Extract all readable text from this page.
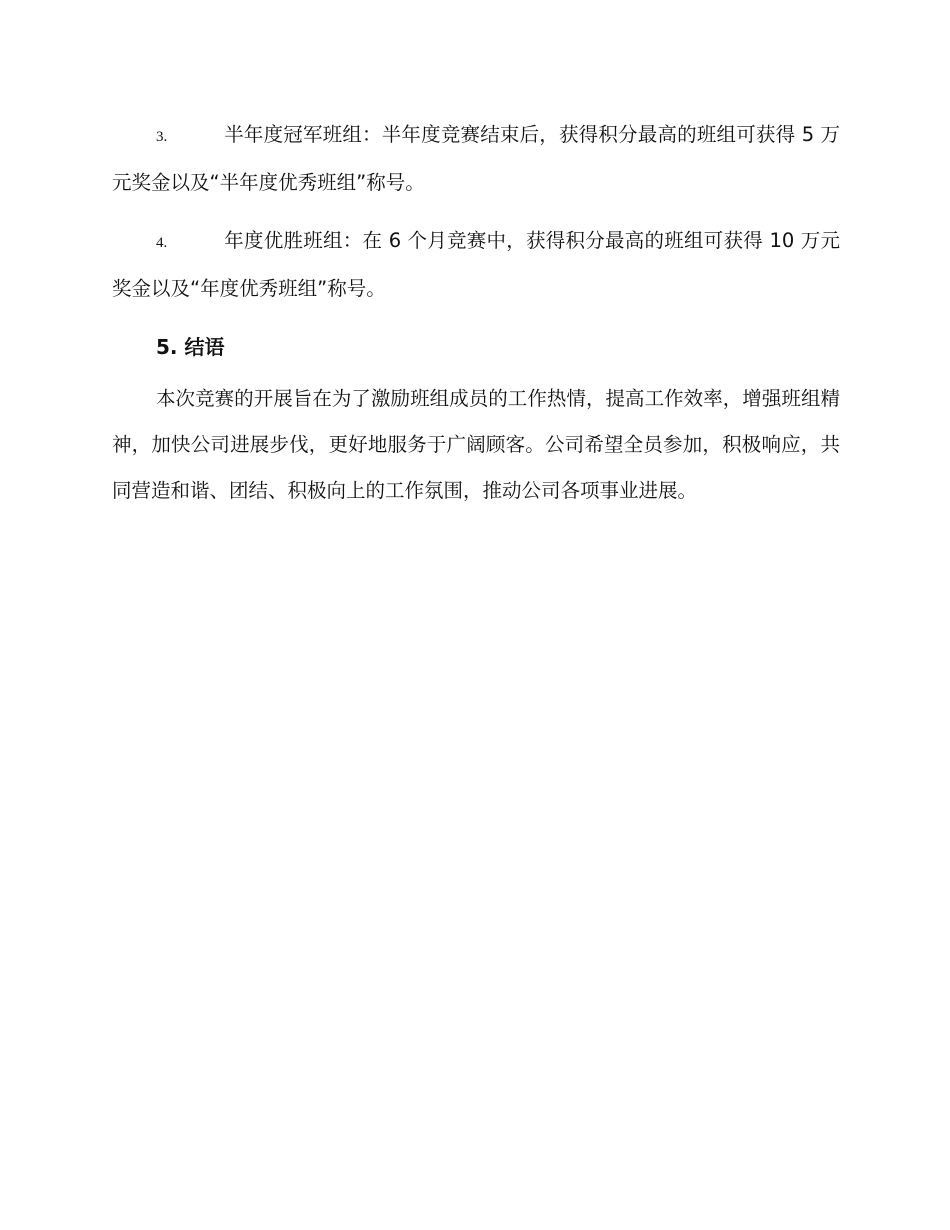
3.	半年度冠军班组：半年度竞赛结束后，获得积分最高的班组可获得 5 万元奖金以及“半年度优秀班组”称号。

4.	年度优胜班组：在 6 个月竞赛中，获得积分最高的班组可获得 10 万元奖金以及“年度优秀班组”称号。

5. 结语

本次竞赛的开展旨在为了激励班组成员的工作热情，提高工作效率，增强班组精神，加快公司进展步伐，更好地服务于广阔顾客。公司希望全员参加，积极响应，共同营造和谐、团结、积极向上的工作氛围，推动公司各项事业进展。
